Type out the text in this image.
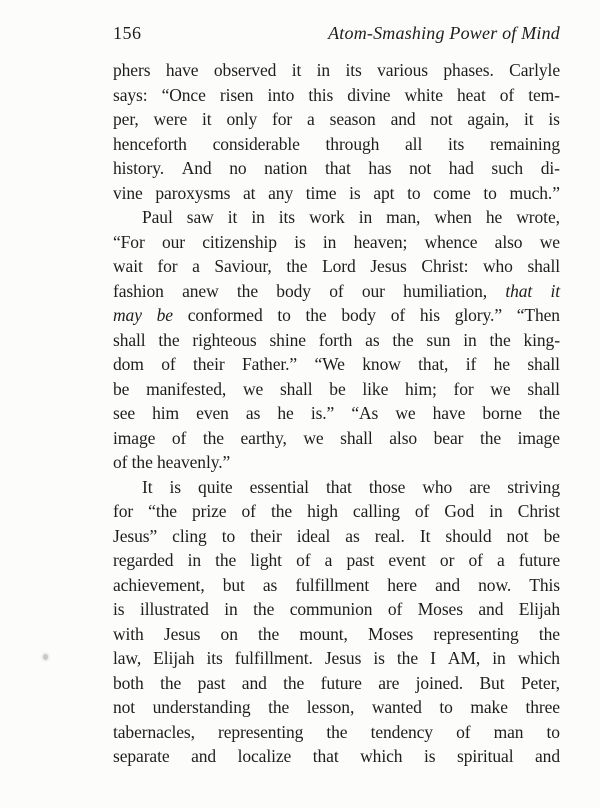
156	Atom-Smashing Power of Mind

phers have observed it in its various phases. Carlyle
says: “Once risen into this divine white heat of tem-
per, were it only for a season and not again, it is
henceforth considerable through all its remaining
history. And no nation that has not had such di-
vine paroxysms at any time is apt to come to much.”

Paul saw it in its work in man, when he wrote,
“For our citizenship is in heaven; whence also we
wait for a Saviour, the Lord Jesus Christ: who shall
fashion anew the body of our humiliation, that it
may be conformed to the body of his glory.” “Then
shall the righteous shine forth as the sun in the king-
dom of their Father.” “We know that, if he shall
be manifested, we shall be like him; for we shall
see him even as he is.” “As we have borne the
image of the earthy, we shall also bear the image
of the heavenly.”

It is quite essential that those who are striving
for “the prize of the high calling of God in Christ
Jesus” cling to their ideal as real. It should not be
regarded in the light of a past event or of a future
achievement, but as fulfillment here and now. This
is illustrated in the communion of Moses and Elijah
with Jesus on the mount, Moses representing the
law, Elijah its fulfillment. Jesus is the I AM, in which
both the past and the future are joined. But Peter,
not understanding the lesson, wanted to make three
tabernacles, representing the tendency of man to
separate and localize that which is spiritual and
